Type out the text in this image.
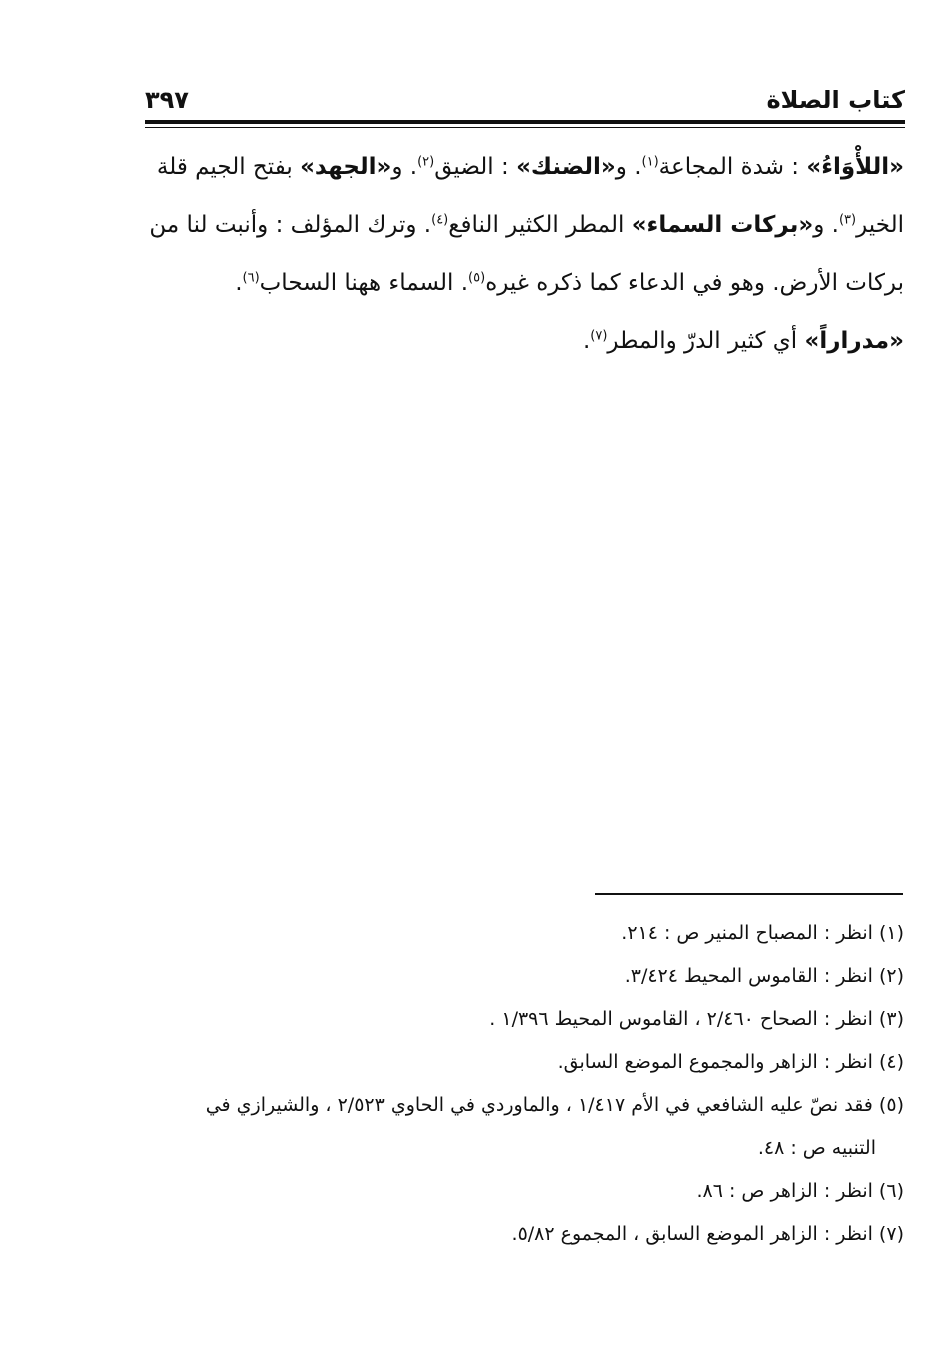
كتاب الصلاة
٣٩٧
«اللأْوَاءُ» : شدة المجاعة$^{(١)}$. و«الضنك» : الضيق$^{(٢)}$. و«الجهد» بفتح الجيم قلة
الخير$^{(٣)}$. و«بركات السماء» المطر الكثير النافع$^{(٤)}$. وترك المؤلف : وأنبت لنا من
بركات الأرض. وهو في الدعاء كما ذكره غيره$^{(٥)}$. السماء ههنا السحاب$^{(٦)}$.
«مدراراً» أي كثير الدرّ والمطر$^{(٧)}$.
(١) انظر : المصباح المنير ص : ٢١٤.
(٢) انظر : القاموس المحيط ٣/٤٢٤.
(٣) انظر : الصحاح ٢/٤٦٠ ، القاموس المحيط ١/٣٩٦ .
(٤) انظر : الزاهر والمجموع الموضع السابق.
(٥) فقد نصّ عليه الشافعي في الأم ١/٤١٧ ، والماوردي في الحاوي ٢/٥٢٣ ، والشيرازي في
التنبيه ص : ٤٨.
(٦) انظر : الزاهر ص : ٨٦.
(٧) انظر : الزاهر الموضع السابق ، المجموع ٥/٨٢.
